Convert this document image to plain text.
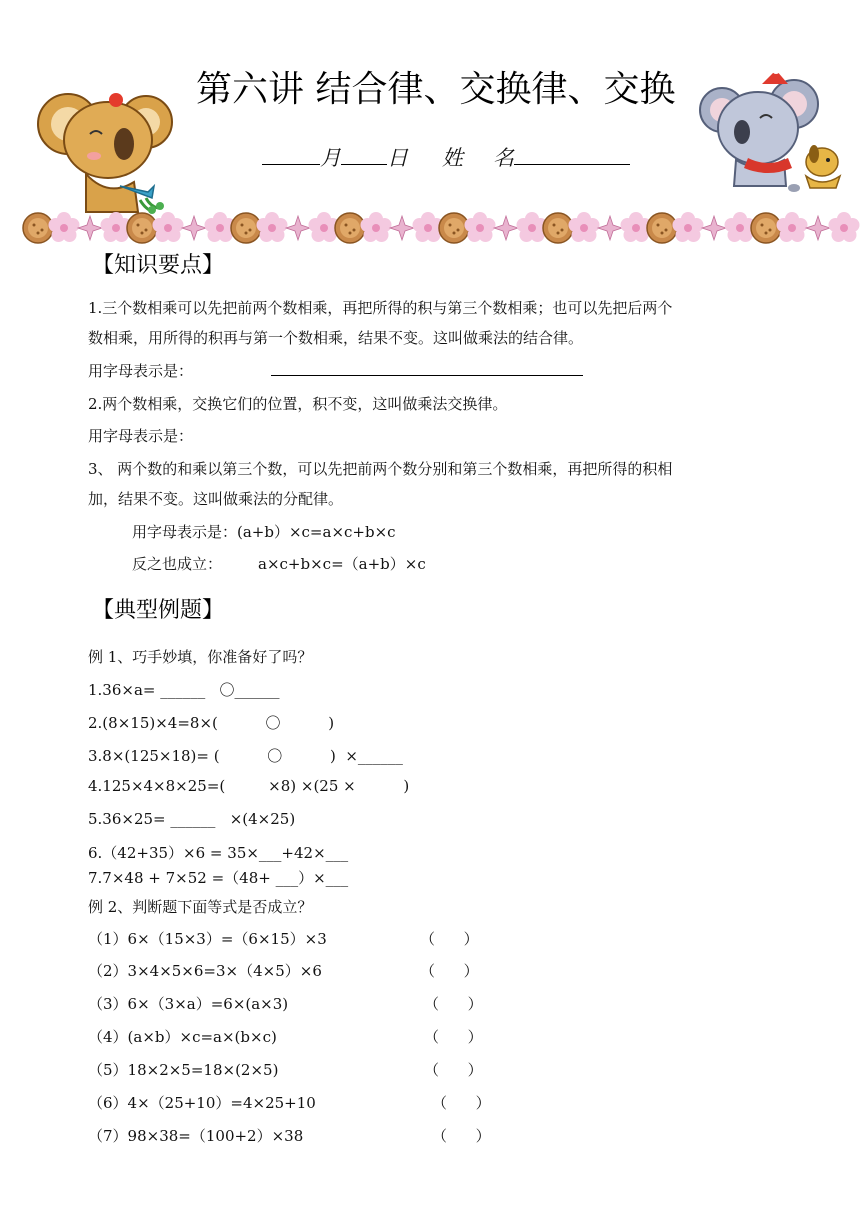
第六讲 结合律、交换律、交换
月 日 姓 名
【知识要点】
1.三个数相乘可以先把前两个数相乘，再把所得的积与第三个数相乘；也可以先把后两个
数相乘，用所得的积再与第一个数相乘，结果不变。这叫做乘法的结合律。
用字母表示是：
2.两个数相乘，交换它们的位置，积不变，这叫做乘法交换律。
用字母表示是：
3、 两个数的和乘以第三个数，可以先把前两个数分别和第三个数相乘，再把所得的积相
加，结果不变。这叫做乘法的分配律。
用字母表示是：(a+b）×c=a×c+b×c
反之也成立： a×c+b×c=（a+b）×c
【典型例题】
例 1、巧手妙填，你准备好了吗？
1.36×a= ______   〇______
2.(8×15)×4=8×(          〇          )
3.8×(125×18)= (          〇          )  ×______
4.125×4×8×25=(         ×8) ×(25 ×          )
5.36×25= ______   ×(4×25)
6.（42+35）×6 = 35×___+42×___
7.7×48 + 7×52 =（48+ ___）×___
例 2、判断题下面等式是否成立？
（1）6×（15×3）=（6×15）×3	（      ）
（2）3×4×5×6=3×（4×5）×6	（      ）
（3）6×（3×a）=6×(a×3)	（      ）
（4）(a×b）×c=a×(b×c)	（      ）
（5）18×2×5=18×(2×5)	（      ）
（6）4×（25+10）=4×25+10	（      ）
（7）98×38=（100+2）×38	（      ）
